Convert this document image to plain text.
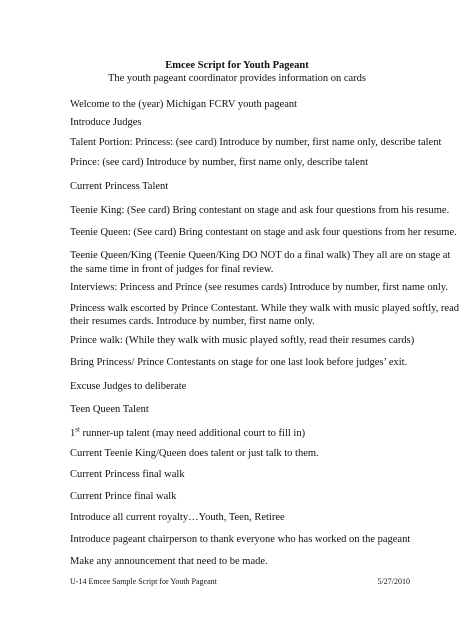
Emcee Script for Youth Pageant
The youth pageant coordinator provides information on cards
Welcome to the (year) Michigan FCRV youth pageant
Introduce Judges
Talent Portion: Princess: (see card) Introduce by number, first name only, describe talent
Prince: (see card) Introduce by number, first name only, describe talent
Current Princess Talent
Teenie King: (See card) Bring contestant on stage and ask four questions from his resume.
Teenie Queen: (See card) Bring contestant on stage and ask four questions from her resume.
Teenie Queen/King (Teenie Queen/King DO NOT do a final walk) They all are on stage at
the same time in front of judges for final review.
Interviews: Princess and Prince (see resumes cards) Introduce by number, first name only.
Princess walk escorted by Prince Contestant. While they walk with music played softly, read
their resumes cards. Introduce by number, first name only.
Prince walk: (While they walk with music played softly, read their resumes cards)
Bring Princess/ Prince Contestants on stage for one last look before judges’ exit.
Excuse Judges to deliberate
Teen Queen Talent
1st runner-up talent (may need additional court to fill in)
Current Teenie King/Queen does talent or just talk to them.
Current Princess final walk
Current Prince final walk
Introduce all current royalty…Youth, Teen, Retiree
Introduce pageant chairperson to thank everyone who has worked on the pageant
Make any announcement that need to be made.
U-14 Emcee Sample Script for Youth Pageant	5/27/2010
